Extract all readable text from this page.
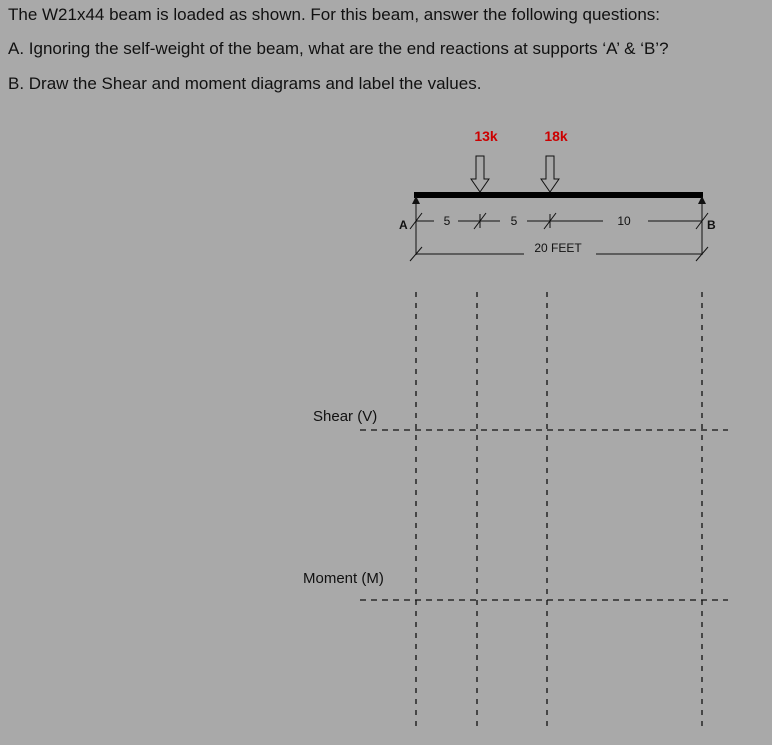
The W21x44 beam is loaded as shown. For this beam, answer the following questions:
A. Ignoring the self-weight of the beam, what are the end reactions at supports ‘A’ & ‘B’?
B. Draw the Shear and moment diagrams and label the values.
13k	18k
A	B
5	5	10
20 FEET
Shear (V)
Moment (M)
